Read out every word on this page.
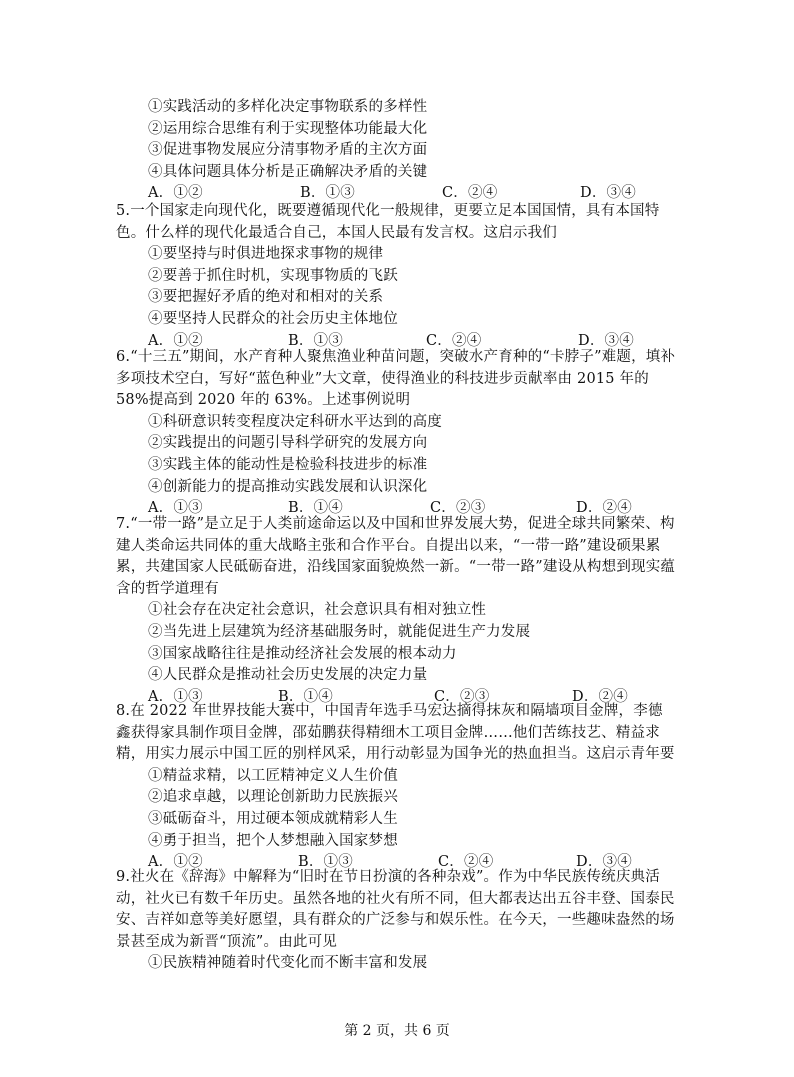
①实践活动的多样化决定事物联系的多样性

②运用综合思维有利于实现整体功能最大化

③促进事物发展应分清事物矛盾的主次方面

④具体问题具体分析是正确解决矛盾的关键

A．①②	B．①③	C．②④	D．③④

5.一个国家走向现代化，既要遵循现代化一般规律，更要立足本国国情，具有本国特色。什么样的现代化最适合自己，本国人民最有发言权。这启示我们

①要坚持与时俱进地探求事物的规律

②要善于抓住时机，实现事物质的飞跃

③要把握好矛盾的绝对和相对的关系

④要坚持人民群众的社会历史主体地位

A．①②	B．①③	C．②④	D．③④

6.“十三五”期间，水产育种人聚焦渔业种苗问题，突破水产育种的“卡脖子”难题，填补多项技术空白，写好“蓝色种业”大文章，使得渔业的科技进步贡献率由 2015 年的 58%提高到 2020 年的 63%。上述事例说明

①科研意识转变程度决定科研水平达到的高度

②实践提出的问题引导科学研究的发展方向

③实践主体的能动性是检验科技进步的标准

④创新能力的提高推动实践发展和认识深化

A．①③	B．①④	C．②③	D．②④

7.“一带一路”是立足于人类前途命运以及中国和世界发展大势，促进全球共同繁荣、构建人类命运共同体的重大战略主张和合作平台。自提出以来，“一带一路”建设硕果累累，共建国家人民砥砺奋进，沿线国家面貌焕然一新。“一带一路”建设从构想到现实蕴含的哲学道理有

①社会存在决定社会意识，社会意识具有相对独立性

②当先进上层建筑为经济基础服务时，就能促进生产力发展

③国家战略往往是推动经济社会发展的根本动力

④人民群众是推动社会历史发展的决定力量

A．①③	B．①④	C．②③	D．②④

8.在 2022 年世界技能大赛中，中国青年选手马宏达摘得抹灰和隔墙项目金牌，李德鑫获得家具制作项目金牌，邵茹鹏获得精细木工项目金牌……他们苦练技艺、精益求精，用实力展示中国工匠的别样风采，用行动彰显为国争光的热血担当。这启示青年要

①精益求精，以工匠精神定义人生价值

②追求卓越，以理论创新助力民族振兴

③砥砺奋斗，用过硬本领成就精彩人生

④勇于担当，把个人梦想融入国家梦想

A．①②	B．①③	C．②④	D．③④

9.社火在《辞海》中解释为“旧时在节日扮演的各种杂戏”。作为中华民族传统庆典活动，社火已有数千年历史。虽然各地的社火有所不同，但大都表达出五谷丰登、国泰民安、吉祥如意等美好愿望，具有群众的广泛参与和娱乐性。在今天，一些趣味盎然的场景甚至成为新晋“顶流”。由此可见

①民族精神随着时代变化而不断丰富和发展

第 2 页，共 6 页
